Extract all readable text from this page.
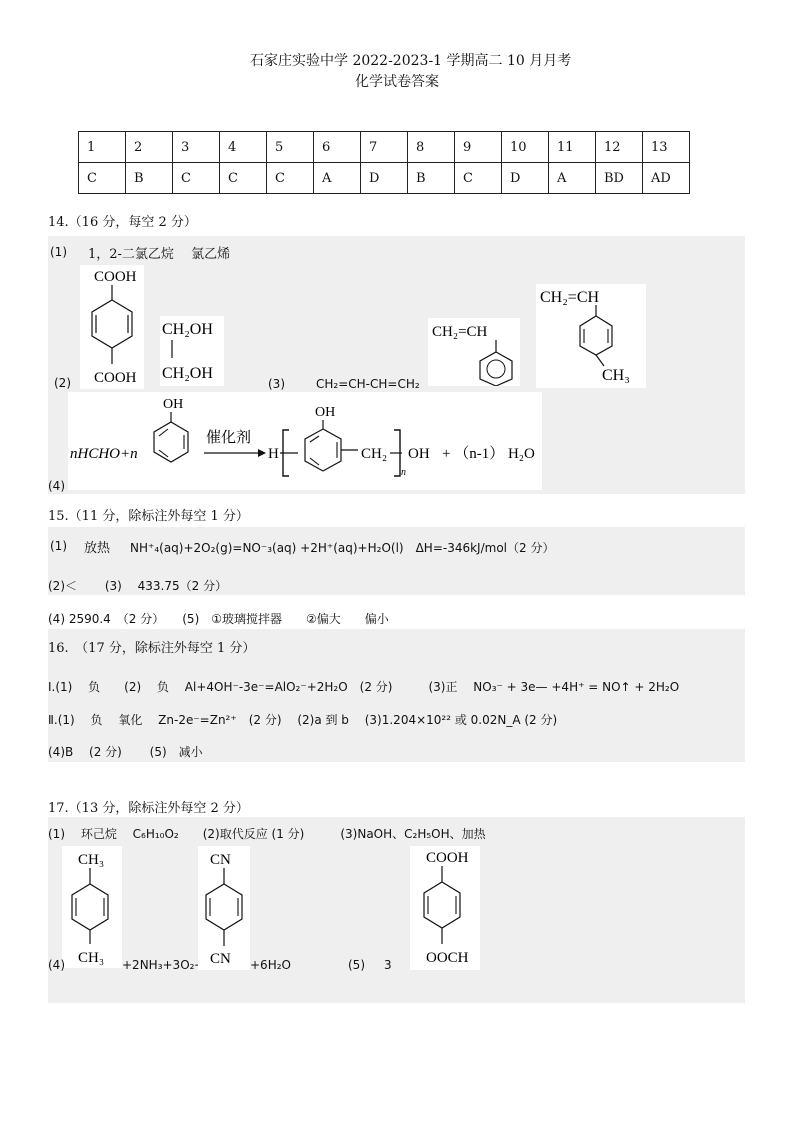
石家庄实验中学 2022-2023-1 学期高二 10 月月考
化学试卷答案
1	2	3	4	5	6	7	8	9	10	11	12	13
C	B	C	C	C	A	D	B	C	D	A	BD	AD
14.（16 分，每空 2 分）
(1) 1，2-二氯乙烷　 氯乙烯
COOH
COOH
(2)
CH₂OH
CH₂OH
(3)	CH₂=CH-CH=CH₂
CH₂=CH
CH₂=CH
CH₃
nHCHO+n
OH
催化剂
H
OH
CH₂
n
OH + （n-1） H₂O
(4)
15.（11 分，除标注外每空 1 分）
(1) 放热 NH⁺₄(aq)+2O₂(g)=NO⁻₃(aq) +2H⁺(aq)+H₂O(l)　ΔH=-346kJ/mol（2 分）
(2)＜　　 (3)　 433.75（2 分）
(4) 2590.4　（2 分）　　(5)　①玻璃搅拌器　　②偏大　　偏小
16.　（17 分，除标注外每空 1 分）
Ⅰ.(1)　 负　　(2)　 负　 Al+4OH⁻-3e⁻=AlO₂⁻+2H₂O　(2 分)　　　(3)正　 NO₃⁻ + 3e— +4H⁺ = NO↑ + 2H₂O
Ⅱ.(1)　 负　 氧化　 Zn-2e⁻=Zn²⁺　(2 分)　 (2)a 到 b　 (3)1.204×10²² 或 0.02N_A (2 分)
(4)B　 (2 分)　　 (5)　减小
17.（13 分，除标注外每空 2 分）
(1)　 环己烷　 C₆H₁₀O₂　　(2)取代反应 (1 分)　　　(3)NaOH、C₂H₅OH、加热
CH₃
CH₃
(4)	+2NH₃+3O₂→
CN
CN +6H₂O	(5) 3
COOH
OOCH
